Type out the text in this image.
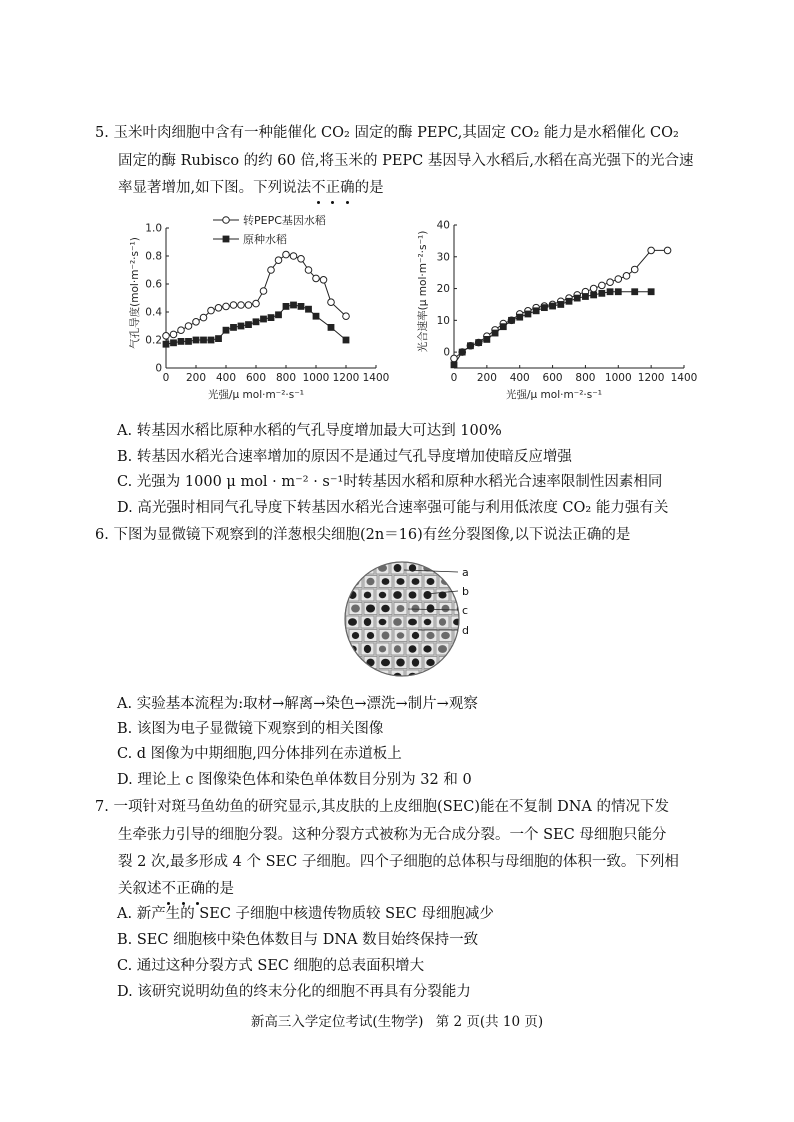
5. 玉米叶肉细胞中含有一种能催化 CO₂ 固定的酶 PEPC,其固定 CO₂ 能力是水稻催化 CO₂
固定的酶 Rubisco 的约 60 倍,将玉米的 PEPC 基因导入水稻后,水稻在高光强下的光合速
率显著增加,如下图。下列说法不正确的是
0 200 400 600 800 1000 1200 1400
0
0.2
0.4
0.6
0.8
1.0
光强/μ mol·m⁻²·s⁻¹
气孔导度(mol·m⁻²·s⁻¹)
转PEPC基因水稻
原种水稻
0 200 400 600 800 1000 1200 1400
0
10
20
30
40
光强/μ mol·m⁻²·s⁻¹
光合速率(μ mol·m⁻²·s⁻¹)
A. 转基因水稻比原种水稻的气孔导度增加最大可达到 100%
B. 转基因水稻光合速率增加的原因不是通过气孔导度增加使暗反应增强
C. 光强为 1000 μ mol · m⁻² · s⁻¹时转基因水稻和原种水稻光合速率限制性因素相同
D. 高光强时相同气孔导度下转基因水稻光合速率强可能与利用低浓度 CO₂ 能力强有关
6. 下图为显微镜下观察到的洋葱根尖细胞(2n＝16)有丝分裂图像,以下说法正确的是
a
b
c
d
A. 实验基本流程为:取材→解离→染色→漂洗→制片→观察
B. 该图为电子显微镜下观察到的相关图像
C. d 图像为中期细胞,四分体排列在赤道板上
D. 理论上 c 图像染色体和染色单体数目分别为 32 和 0
7. 一项针对斑马鱼幼鱼的研究显示,其皮肤的上皮细胞(SEC)能在不复制 DNA 的情况下发
生牵张力引导的细胞分裂。这种分裂方式被称为无合成分裂。一个 SEC 母细胞只能分
裂 2 次,最多形成 4 个 SEC 子细胞。四个子细胞的总体积与母细胞的体积一致。下列相
关叙述不正确的是
A. 新产生的 SEC 子细胞中核遗传物质较 SEC 母细胞减少
B. SEC 细胞核中染色体数目与 DNA 数目始终保持一致
C. 通过这种分裂方式 SEC 细胞的总表面积增大
D. 该研究说明幼鱼的终末分化的细胞不再具有分裂能力
新高三入学定位考试(生物学) 第 2 页(共 10 页)
